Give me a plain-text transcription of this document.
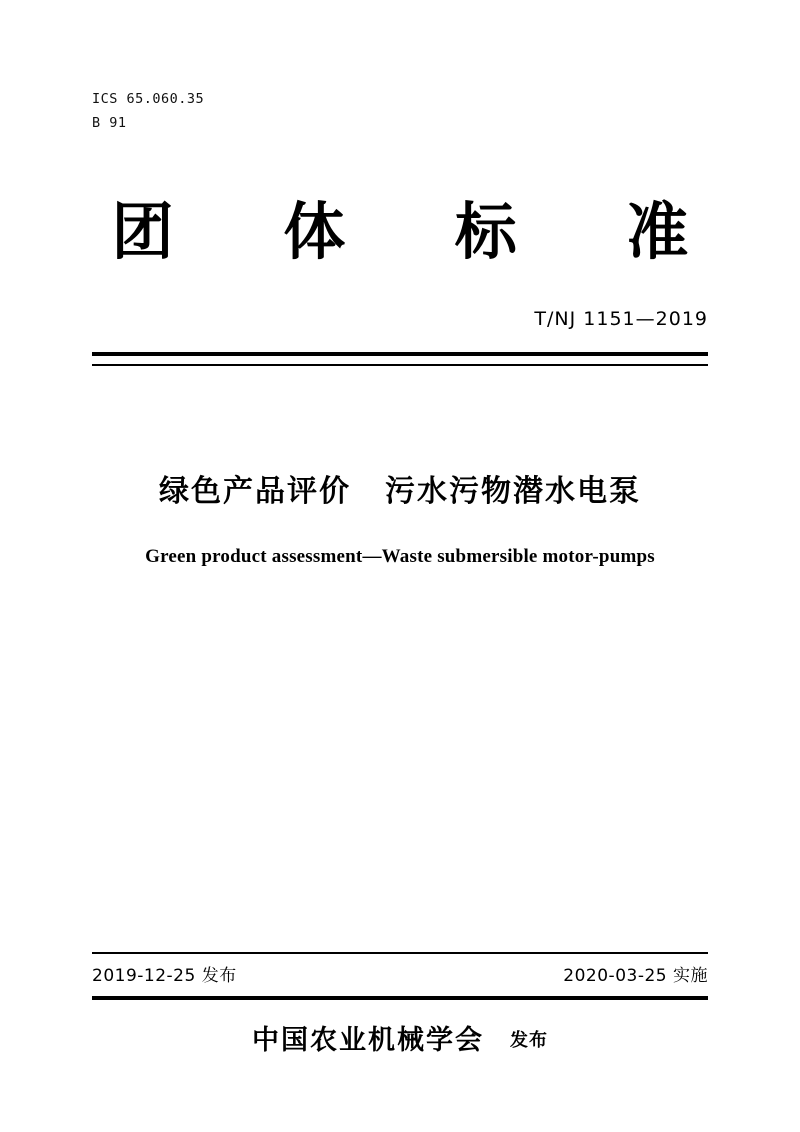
ICS 65.060.35
B 91
团 体 标 准
T/NJ 1151—2019
绿色产品评价 污水污物潜水电泵
Green product assessment—Waste submersible motor-pumps
2019-12-25 发布	2020-03-25 实施
中国农业机械学会 发布
